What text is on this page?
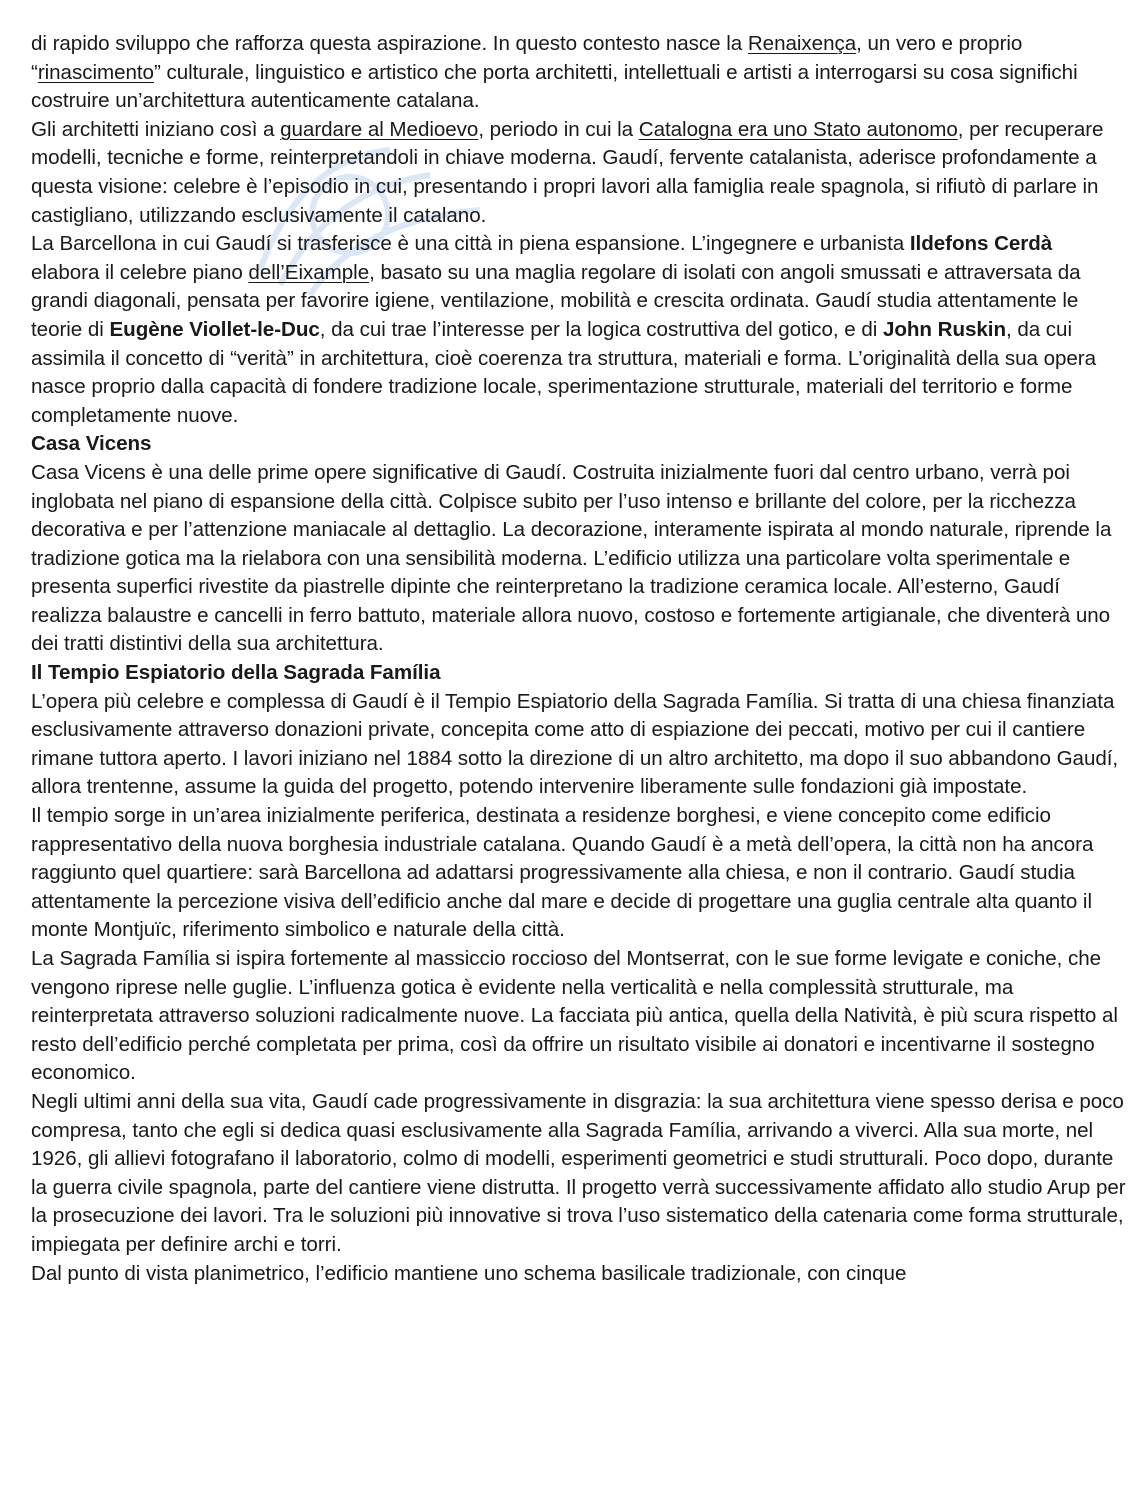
di rapido sviluppo che rafforza questa aspirazione. In questo contesto nasce la Renaixença, un vero e proprio “rinascimento” culturale, linguistico e artistico che porta architetti, intellettuali e artisti a interrogarsi su cosa significhi costruire un’architettura autenticamente catalana.

Gli architetti iniziano così a guardare al Medioevo, periodo in cui la Catalogna era uno Stato autonomo, per recuperare modelli, tecniche e forme, reinterpretandoli in chiave moderna. Gaudí, fervente catalanista, aderisce profondamente a questa visione: celebre è l’episodio in cui, presentando i propri lavori alla famiglia reale spagnola, si rifiutò di parlare in castigliano, utilizzando esclusivamente il catalano.

La Barcellona in cui Gaudí si trasferisce è una città in piena espansione. L’ingegnere e urbanista Ildefons Cerdà elabora il celebre piano dell’Eixample, basato su una maglia regolare di isolati con angoli smussati e attraversata da grandi diagonali, pensata per favorire igiene, ventilazione, mobilità e crescita ordinata. Gaudí studia attentamente le teorie di Eugène Viollet-le-Duc, da cui trae l’interesse per la logica costruttiva del gotico, e di John Ruskin, da cui assimila il concetto di “verità” in architettura, cioè coerenza tra struttura, materiali e forma. L’originalità della sua opera nasce proprio dalla capacità di fondere tradizione locale, sperimentazione strutturale, materiali del territorio e forme completamente nuove.

Casa Vicens

Casa Vicens è una delle prime opere significative di Gaudí. Costruita inizialmente fuori dal centro urbano, verrà poi inglobata nel piano di espansione della città. Colpisce subito per l’uso intenso e brillante del colore, per la ricchezza decorativa e per l’attenzione maniacale al dettaglio. La decorazione, interamente ispirata al mondo naturale, riprende la tradizione gotica ma la rielabora con una sensibilità moderna. L’edificio utilizza una particolare volta sperimentale e presenta superfici rivestite da piastrelle dipinte che reinterpretano la tradizione ceramica locale. All’esterno, Gaudí realizza balaustre e cancelli in ferro battuto, materiale allora nuovo, costoso e fortemente artigianale, che diventerà uno dei tratti distintivi della sua architettura.

Il Tempio Espiatorio della Sagrada Família

L’opera più celebre e complessa di Gaudí è il Tempio Espiatorio della Sagrada Família. Si tratta di una chiesa finanziata esclusivamente attraverso donazioni private, concepita come atto di espiazione dei peccati, motivo per cui il cantiere rimane tuttora aperto. I lavori iniziano nel 1884 sotto la direzione di un altro architetto, ma dopo il suo abbandono Gaudí, allora trentenne, assume la guida del progetto, potendo intervenire liberamente sulle fondazioni già impostate.

Il tempio sorge in un’area inizialmente periferica, destinata a residenze borghesi, e viene concepito come edificio rappresentativo della nuova borghesia industriale catalana. Quando Gaudí è a metà dell’opera, la città non ha ancora raggiunto quel quartiere: sarà Barcellona ad adattarsi progressivamente alla chiesa, e non il contrario. Gaudí studia attentamente la percezione visiva dell’edificio anche dal mare e decide di progettare una guglia centrale alta quanto il monte Montjuïc, riferimento simbolico e naturale della città.

La Sagrada Família si ispira fortemente al massiccio roccioso del Montserrat, con le sue forme levigate e coniche, che vengono riprese nelle guglie. L’influenza gotica è evidente nella verticalità e nella complessità strutturale, ma reinterpretata attraverso soluzioni radicalmente nuove. La facciata più antica, quella della Natività, è più scura rispetto al resto dell’edificio perché completata per prima, così da offrire un risultato visibile ai donatori e incentivarne il sostegno economico.

Negli ultimi anni della sua vita, Gaudí cade progressivamente in disgrazia: la sua architettura viene spesso derisa e poco compresa, tanto che egli si dedica quasi esclusivamente alla Sagrada Família, arrivando a viverci. Alla sua morte, nel 1926, gli allievi fotografano il laboratorio, colmo di modelli, esperimenti geometrici e studi strutturali. Poco dopo, durante la guerra civile spagnola, parte del cantiere viene distrutta. Il progetto verrà successivamente affidato allo studio Arup per la prosecuzione dei lavori. Tra le soluzioni più innovative si trova l’uso sistematico della catenaria come forma strutturale, impiegata per definire archi e torri.

Dal punto di vista planimetrico, l’edificio mantiene uno schema basilicale tradizionale, con cinque
